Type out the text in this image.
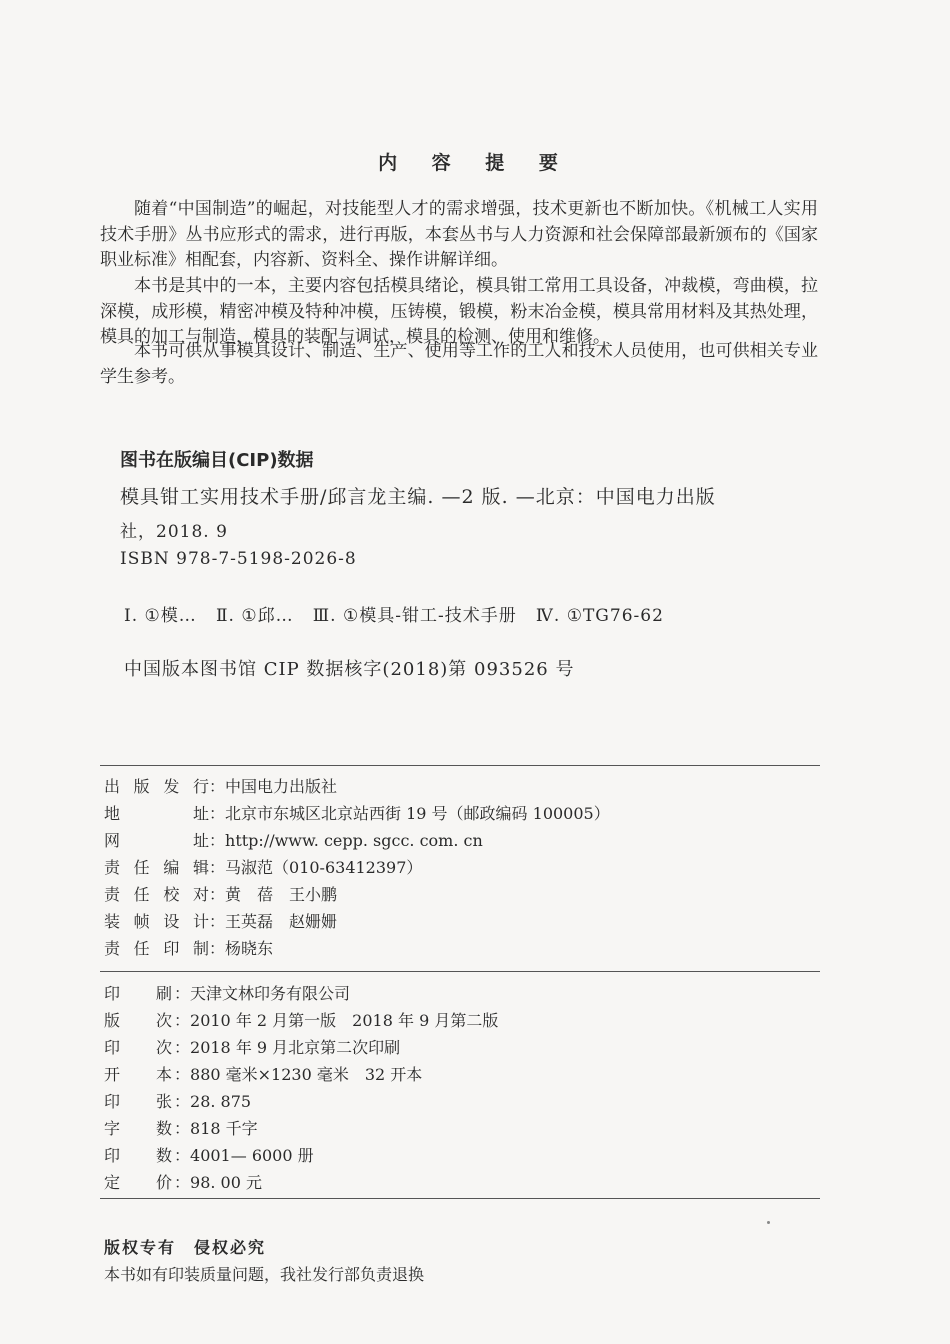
内 容 提 要

随着“中国制造”的崛起，对技能型人才的需求增强，技术更新也不断加快。《机械工人实用技术手册》丛书应形式的需求，进行再版，本套丛书与人力资源和社会保障部最新颁布的《国家职业标准》相配套，内容新、资料全、操作讲解详细。

本书是其中的一本，主要内容包括模具绪论，模具钳工常用工具设备，冲裁模，弯曲模，拉深模，成形模，精密冲模及特种冲模，压铸模，锻模，粉末冶金模，模具常用材料及其热处理，模具的加工与制造，模具的装配与调试，模具的检测、使用和维修。

本书可供从事模具设计、制造、生产、使用等工作的工人和技术人员使用，也可供相关专业学生参考。

图书在版编目(CIP)数据
模具钳工实用技术手册/邱言龙主编. —2 版. —北京：中国电力出版
社，2018. 9
ISBN 978-7-5198-2026-8
Ⅰ. ①模…   Ⅱ. ①邱…   Ⅲ. ①模具-钳工-技术手册   Ⅳ. ①TG76-62
中国版本图书馆 CIP 数据核字(2018)第 093526 号
出版发行：中国电力出版社
地址：北京市东城区北京站西街 19 号（邮政编码 100005）
网址：http://www. cepp. sgcc. com. cn
责任编辑：马淑范（010-63412397）
责任校对：黄　蓓　王小鹏
装帧设计：王英磊　赵姗姗
责任印制：杨晓东
印刷 ：天津文林印务有限公司
版次 ：2010 年 2 月第一版　2018 年 9 月第二版
印次 ：2018 年 9 月北京第二次印刷
开本 ：880 毫米×1230 毫米　32 开本
印张 ：28. 875
字数 ：818 千字
印数 ：4001— 6000 册
定价 ：98. 00 元
版权专有　侵权必究
本书如有印装质量问题，我社发行部负责退换
